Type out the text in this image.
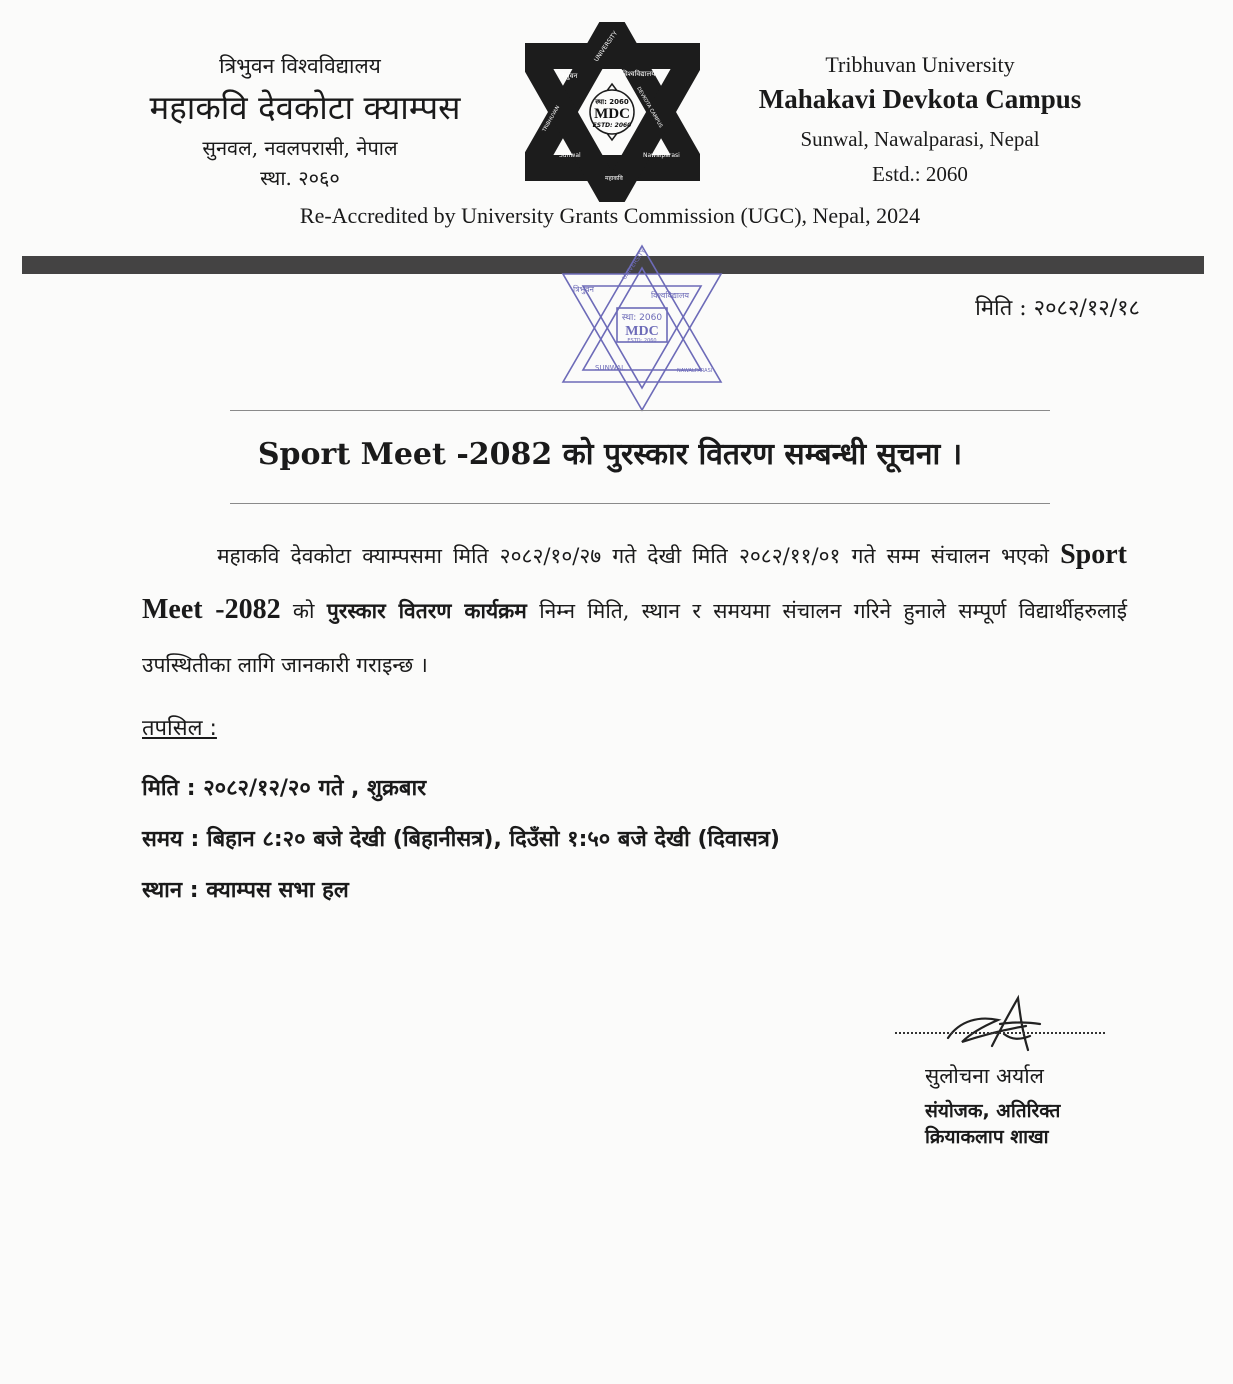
त्रिभुवन विश्वविद्यालय
महाकवि देवकोटा क्याम्पस
सुनवल, नवलपरासी, नेपाल
स्था. २०६०
स्था: 2060
MDC
ESTD: 2060
त्रिभुवन
UNIVERSITY
विश्वविद्यालय
Sunwal	Nawalparasi
DEVKOTA CAMPUS
TRIBHUVAN
महाकवि
Tribhuvan University
Mahakavi Devkota Campus
Sunwal, Nawalparasi, Nepal
Estd.: 2060
Re-Accredited by University Grants Commission (UGC), Nepal, 2024
स्था: 2060
MDC
ESTD: 2060
त्रिभुवन
UNIVERSITY
विश्वविद्यालय
SUNWAL	NAWALPARASI
मिति : २०८२/१२/१८
Sport Meet -2082 को पुरस्कार वितरण सम्बन्धी सूचना ।
महाकवि देवकोटा क्याम्पसमा मिति २०८२/१०/२७ गते देखी मिति २०८२/११/०१ गते सम्म संचालन भएको Sport Meet -2082 को पुरस्कार वितरण कार्यक्रम निम्न मिति, स्थान र समयमा संचालन गरिने हुनाले सम्पूर्ण विद्यार्थीहरुलाई उपस्थितीका लागि जानकारी गराइन्छ ।
तपसिल :
मिति : २०८२/१२/२० गते , शुक्रबार
समय : बिहान ८:२० बजे देखी (बिहानीसत्र), दिउँसो १:५० बजे देखी (दिवासत्र)
स्थान : क्याम्पस सभा हल
सुलोचना अर्याल
संयोजक, अतिरिक्त
क्रियाकलाप शाखा
